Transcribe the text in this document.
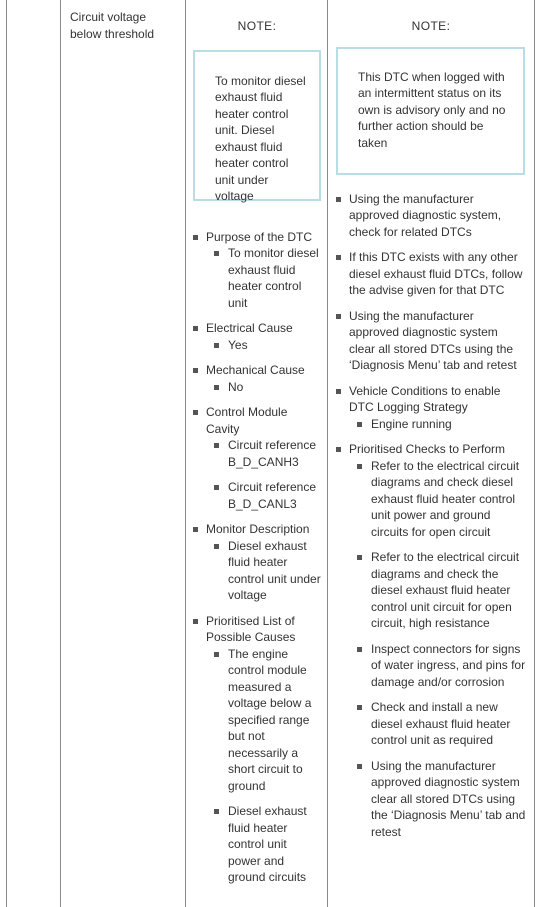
Circuit voltage below threshold
NOTE:
To monitor diesel exhaust fluid heater control unit. Diesel exhaust fluid heater control unit under voltage
Purpose of the DTC
To monitor diesel exhaust fluid heater control unit
Electrical Cause
Yes
Mechanical Cause
No
Control Module Cavity
Circuit reference B_D_CANH3
Circuit reference B_D_CANL3
Monitor Description
Diesel exhaust fluid heater control unit under voltage
Prioritised List of Possible Causes
The engine control module measured a voltage below a specified range but not necessarily a short circuit to ground
Diesel exhaust fluid heater control unit power and ground circuits
NOTE:
This DTC when logged with an intermittent status on its own is advisory only and no further action should be taken
Using the manufacturer approved diagnostic system, check for related DTCs
If this DTC exists with any other diesel exhaust fluid DTCs, follow the advise given for that DTC
Using the manufacturer approved diagnostic system clear all stored DTCs using the ‘Diagnosis Menu’ tab and retest
Vehicle Conditions to enable DTC Logging Strategy
Engine running
Prioritised Checks to Perform
Refer to the electrical circuit diagrams and check diesel exhaust fluid heater control unit power and ground circuits for open circuit
Refer to the electrical circuit diagrams and check the diesel exhaust fluid heater control unit circuit for open circuit, high resistance
Inspect connectors for signs of water ingress, and pins for damage and/or corrosion
Check and install a new diesel exhaust fluid heater control unit as required
Using the manufacturer approved diagnostic system clear all stored DTCs using the ‘Diagnosis Menu’ tab and retest
